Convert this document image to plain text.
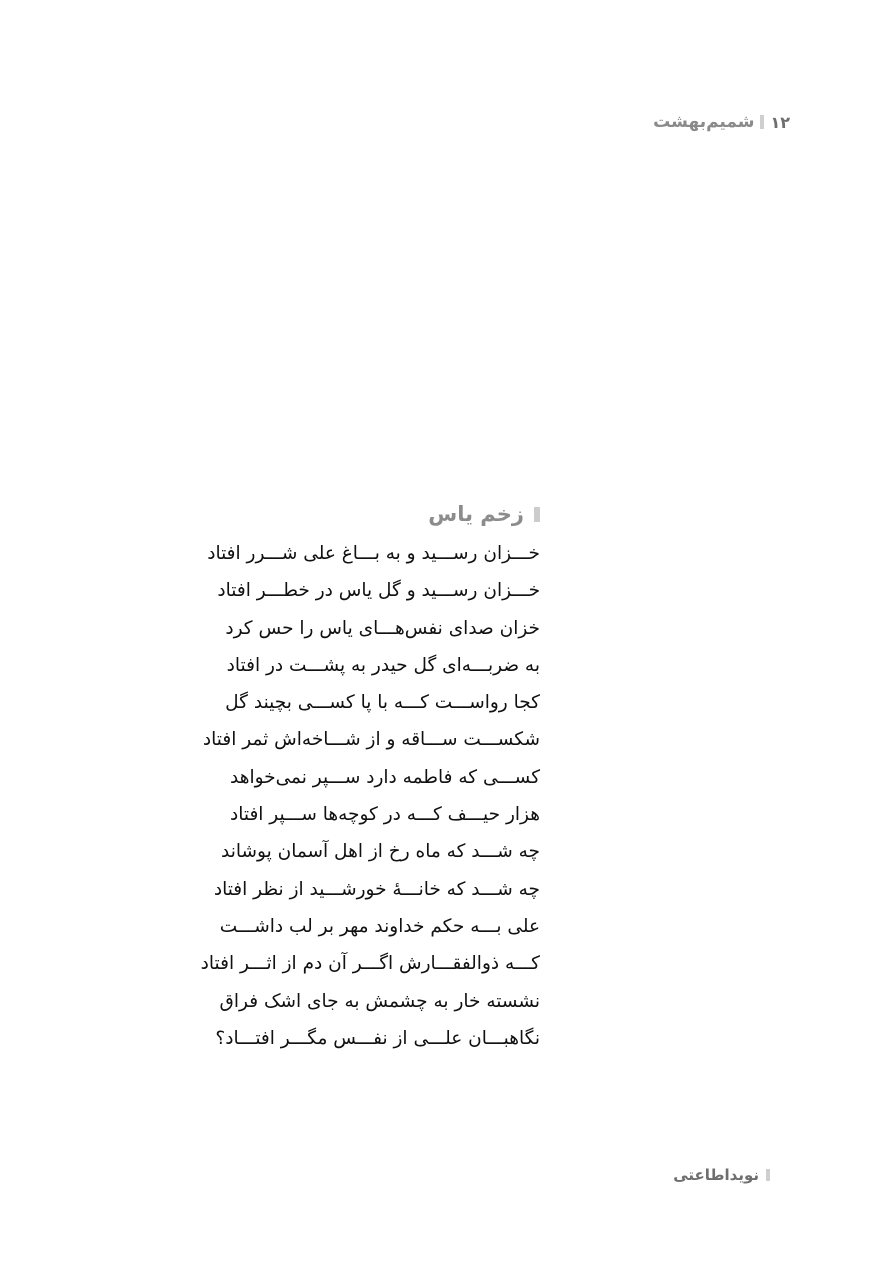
۱۲
شمیم‌بهشت
زخم یاس
خـــزان رســـید و به بـــاغ علی شـــرر افتاد
خـــزان رســـید و گل یاس در خطـــر افتاد
خزان صدای نفس‌هـــای یاس را حس کرد
به ضربـــه‌ای گل حیدر به پشـــت در افتاد
کجا رواســـت کـــه با پا کســـی بچیند گل
شکســـت ســـاقه و از شـــاخه‌اش ثمر افتاد
کســـی که فاطمه دارد ســـپر نمی‌خواهد
هزار حیـــف کـــه در کوچه‌ها ســـپر افتاد
چه شـــد که ماه رخ از اهل آسمان پوشاند
چه شـــد که خانـــهٔ خورشـــید از نظر افتاد
علی بـــه حکم خداوند مهر بر لب داشـــت
کـــه ذوالفقـــارش اگـــر آن دم از اثـــر افتاد
نشسته خار به چشمش به جای اشک فراق
نگاهبـــان علـــی از نفـــس مگـــر افتـــاد؟
نویداطاعتی
